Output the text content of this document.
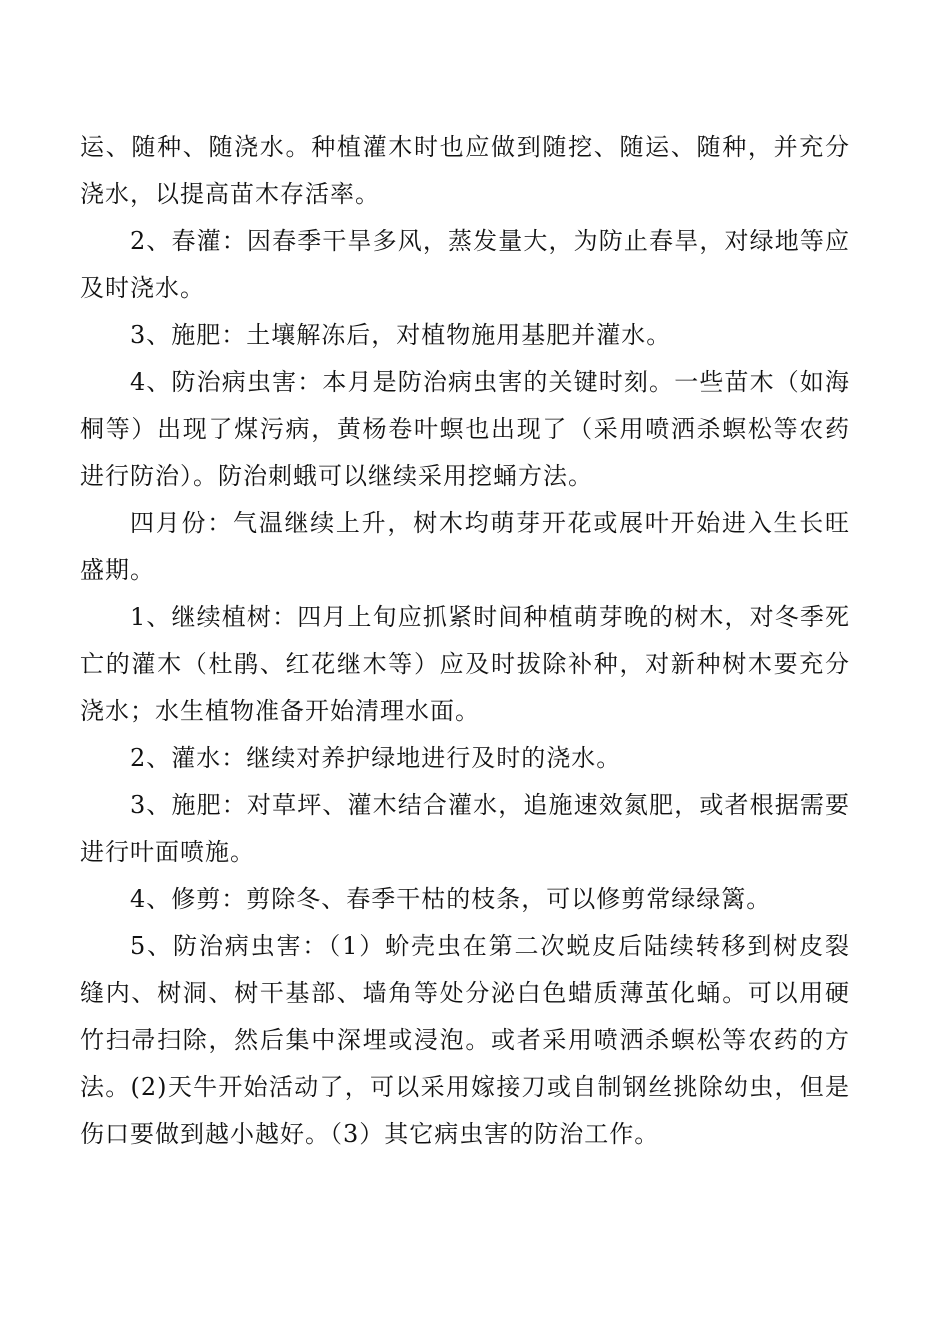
运、随种、随浇水。种植灌木时也应做到随挖、随运、随种，并充分浇水，以提高苗木存活率。

2、春灌：因春季干旱多风，蒸发量大，为防止春旱，对绿地等应及时浇水。

3、施肥：土壤解冻后，对植物施用基肥并灌水。

4、防治病虫害：本月是防治病虫害的关键时刻。一些苗木（如海桐等）出现了煤污病，黄杨卷叶螟也出现了（采用喷洒杀螟松等农药进行防治）。防治刺蛾可以继续采用挖蛹方法。

四月份：气温继续上升，树木均萌芽开花或展叶开始进入生长旺盛期。

1、继续植树：四月上旬应抓紧时间种植萌芽晚的树木，对冬季死亡的灌木（杜鹃、红花继木等）应及时拔除补种，对新种树木要充分浇水；水生植物准备开始清理水面。

2、灌水：继续对养护绿地进行及时的浇水。

3、施肥：对草坪、灌木结合灌水，追施速效氮肥，或者根据需要进行叶面喷施。

4、修剪：剪除冬、春季干枯的枝条，可以修剪常绿绿篱。

5、防治病虫害：（1）蚧壳虫在第二次蜕皮后陆续转移到树皮裂缝内、树洞、树干基部、墙角等处分泌白色蜡质薄茧化蛹。可以用硬竹扫帚扫除，然后集中深埋或浸泡。或者采用喷洒杀螟松等农药的方法。(2)天牛开始活动了，可以采用嫁接刀或自制钢丝挑除幼虫，但是伤口要做到越小越好。（3）其它病虫害的防治工作。
